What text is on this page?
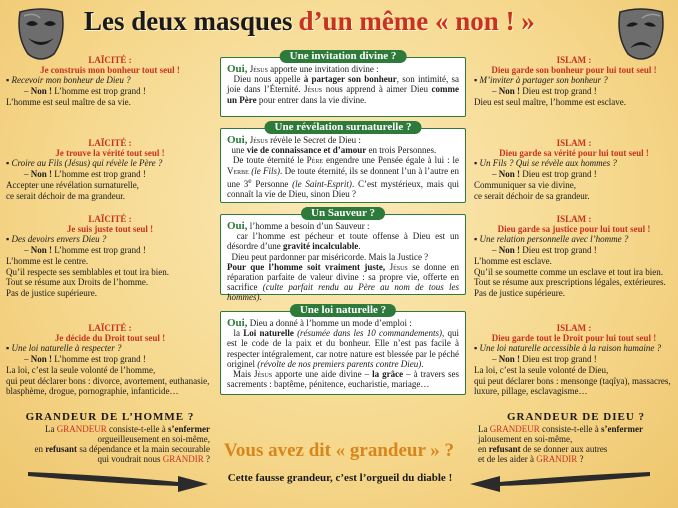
Les deux masques d’un même « non ! »
LAÏCITÉ :
Je construis mon bonheur tout seul !
▪ Recevoir mon bonheur de Dieu ?
– Non ! L’homme est trop grand !
L’homme est seul maître de sa vie.
LAÏCITÉ :
Je trouve la vérité tout seul !
▪ Croire au Fils (Jésus) qui révèle le Père ?
– Non ! L’homme est trop grand !
Accepter une révélation surnaturelle,
ce serait déchoir de ma grandeur.
LAÏCITÉ :
Je suis juste tout seul !
▪ Des devoirs envers Dieu ?
– Non ! L’homme est trop grand !
L’homme est le centre.
Qu’il respecte ses semblables et tout ira bien.
Tout se résume aux Droits de l’homme.
Pas de justice supérieure.
LAÏCITÉ :
Je décide du Droit tout seul !
▪ Une loi naturelle à respecter ?
– Non ! L’homme est trop grand !
La loi, c’est la seule volonté de l’homme,
qui peut déclarer bons : divorce, avortement, euthanasie,
blasphème, drogue, pornographie, infanticide…
ISLAM :
Dieu garde son bonheur pour lui tout seul !
▪ M’inviter à partager son bonheur ?
– Non ! Dieu est trop grand !
Dieu est seul maître, l’homme est esclave.
ISLAM :
Dieu garde sa vérité pour lui tout seul !
▪ Un Fils ? Qui se révèle aux hommes ?
– Non ! Dieu est trop grand !
Communiquer sa vie divine,
ce serait déchoir de sa grandeur.
ISLAM :
Dieu garde sa justice pour lui tout seul !
▪ Une relation personnelle avec l’homme ?
– Non ! Dieu est trop grand !
L’homme est esclave.
Qu’il se soumette comme un esclave et tout ira bien.
Tout se résume aux prescriptions légales, extérieures.
Pas de justice supérieure.
ISLAM :
Dieu garde tout le Droit pour lui tout seul !
▪ Une loi naturelle accessible à la raison humaine ?
– Non ! Dieu est trop grand !
La loi, c’est la seule volonté de Dieu,
qui peut déclarer bons : mensonge (taqîya), massacres,
luxure, pillage, esclavagisme…
Une invitation divine ?
Oui, Jésus apporte une invitation divine :
Dieu nous appelle à partager son bonheur, son intimité, sa joie dans l’Éternité. Jésus nous apprend à aimer Dieu comme un Père pour entrer dans la vie divine.
Une révélation surnaturelle ?
Oui, Jésus révèle le Secret de Dieu :
une vie de connaissance et d’amour en trois Personnes.
De toute éternité le Père engendre une Pensée égale à lui : le Verbe (le Fils). De toute éternité, ils se donnent l’un à l’autre en une 3e Personne (le Saint-Esprit). C’est mystérieux, mais qui connaît la vie de Dieu, sinon Dieu ?
Un Sauveur ?
Oui, l’homme a besoin d’un Sauveur :
car l’homme est pécheur et toute offense à Dieu est un désordre d’une gravité incalculable.
Dieu peut pardonner par miséricorde. Mais la Justice ?
Pour que l’homme soit vraiment juste, Jésus se donne en réparation parfaite de valeur divine : sa propre vie, offerte en sacrifice (culte parfait rendu au Père au nom de tous les hommes).
Une loi naturelle ?
Oui, Dieu a donné à l’homme un mode d’emploi :
la Loi naturelle (résumée dans les 10 commandements), qui est le code de la paix et du bonheur. Elle n’est pas facile à respecter intégralement, car notre nature est blessée par le péché originel (révolte de nos premiers parents contre Dieu).
Mais Jésus apporte une aide divine – la grâce – à travers ses sacrements : baptême, pénitence, eucharistie, mariage…
GRANDEUR DE L’HOMME ?
La GRANDEUR consiste-t-elle à s’enfermer
orgueilleusement en soi-même,
en refusant sa dépendance et la main secourable
qui voudrait nous GRANDIR ?
GRANDEUR DE DIEU ?
La GRANDEUR consiste-t-elle à s’enfermer
jalousement en soi-même,
en refusant de se donner aux autres
et de les aider à GRANDIR ?
Vous avez dit « grandeur » ?
Cette fausse grandeur, c’est l’orgueil du diable !
